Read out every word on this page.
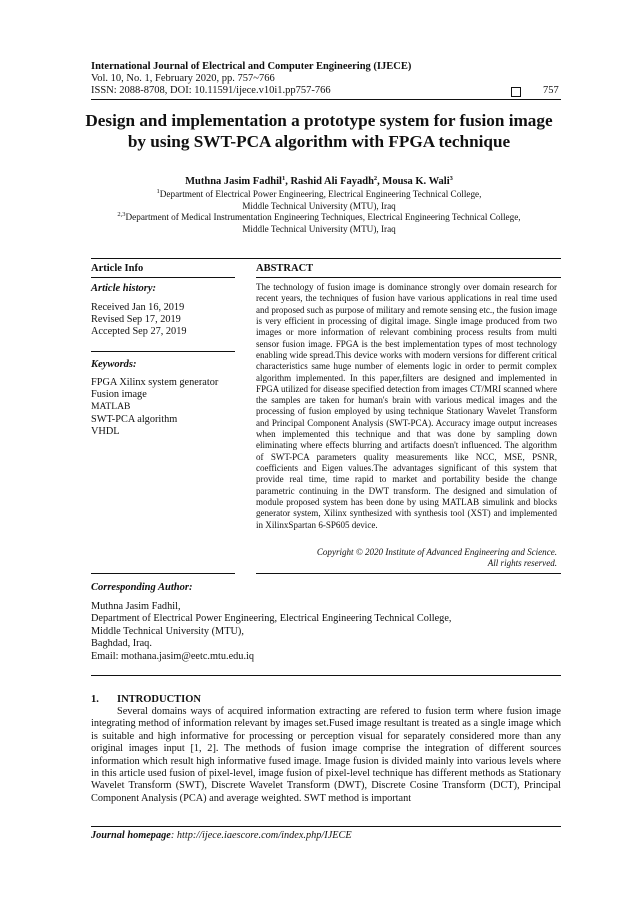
International Journal of Electrical and Computer Engineering (IJECE)
Vol. 10, No. 1, February 2020, pp. 757~766
ISSN: 2088-8708, DOI: 10.11591/ijece.v10i1.pp757-766	757
Design and implementation a prototype system for fusion image
by using SWT-PCA algorithm with FPGA technique
Muthna Jasim Fadhil$^1$, Rashid Ali Fayadh$^2$, Mousa K. Wali$^3$
$^1$Department of Electrical Power Engineering, Electrical Engineering Technical College,
Middle Technical University (MTU), Iraq
$^{2,3}$Department of Medical Instrumentation Engineering Techniques, Electrical Engineering Technical College,
Middle Technical University (MTU), Iraq
Article Info	ABSTRACT
Article history:
Received Jan 16, 2019
Revised Sep 17, 2019
Accepted Sep 27, 2019
Keywords:
FPGA Xilinx system generator
Fusion image
MATLAB
SWT-PCA algorithm
VHDL
The technology of fusion image is dominance strongly over domain research for recent years, the techniques of fusion have various applications in real time used and proposed such as purpose of military and remote sensing etc., the fusion image is very efficient in processing of digital image. Single image produced from two images or more information of relevant combining process results from multi sensor fusion image. FPGA is the best implementation types of most technology enabling wide spread.This device works with modern versions for different critical characteristics same huge number of elements logic in order to permit complex algorithm implemented. In this paper,filters are designed and implemented in FPGA utilized for disease specified detection from images CT/MRI scanned where the samples are taken for human's brain with various medical images and the processing of fusion employed by using technique Stationary Wavelet Transform and Principal Component Analysis (SWT-PCA). Accuracy image output increases when implemented this technique and that was done by sampling down eliminating where effects blurring and artifacts doesn't influenced. The algorithm of SWT-PCA parameters quality measurements like NCC, MSE, PSNR, coefficients and Eigen values.The advantages significant of this system that provide real time, time rapid to market and portability beside the change parametric continuing in the DWT transform. The designed and simulation of module proposed system has been done by using MATLAB simulink and blocks generator system, Xilinx synthesized with synthesis tool (XST) and implemented in XilinxSpartan 6-SP605 device.
Copyright © 2020 Institute of Advanced Engineering and Science.
All rights reserved.
Corresponding Author:
Muthna Jasim Fadhil,
Department of Electrical Power Engineering, Electrical Engineering Technical College,
Middle Technical University (MTU),
Baghdad, Iraq.
Email: mothana.jasim@eetc.mtu.edu.iq
1. INTRODUCTION

Several domains ways of acquired information extracting are refered to fusion term where fusion image integrating method of information relevant by images set.Fused image resultant is treated as a single image which is suitable and high informative for processing or perception visual for separately considered more than any original images input [1, 2]. The methods of fusion image comprise the integration of different sources information which result high informative fused image. Image fusion is divided mainly into various levels where in this article used fusion of pixel-level, image fusion of pixel-level technique has different methods as Stationary Wavelet Transform (SWT), Discrete Wavelet Transform (DWT), Discrete Cosine Transform (DCT), Principal Component Analysis (PCA) and average weighted. SWT method is important

Journal homepage: http://ijece.iaescore.com/index.php/IJECE
